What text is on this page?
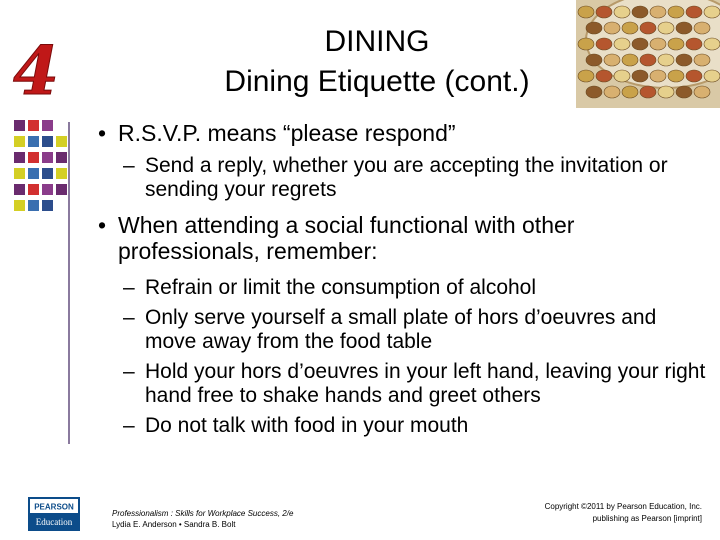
4	DINING
Dining Etiquette (cont.)
• R.S.V.P. means “please respond”
– Send a reply, whether you are accepting the invitation or sending your regrets
• When attending a social functional with other professionals, remember:
– Refrain or limit the consumption of alcohol
– Only serve yourself a small plate of hors d’oeuvres and move away from the food table
– Hold your hors d’oeuvres in your left hand, leaving your right hand free to shake hands and greet others
– Do not talk with food in your mouth
PEARSON
Education
Professionalism : Skills for Workplace Success, 2/e
Lydia E. Anderson • Sandra B. Bolt
Copyright ©2011 by Pearson Education, Inc.
publishing as Pearson [imprint]
